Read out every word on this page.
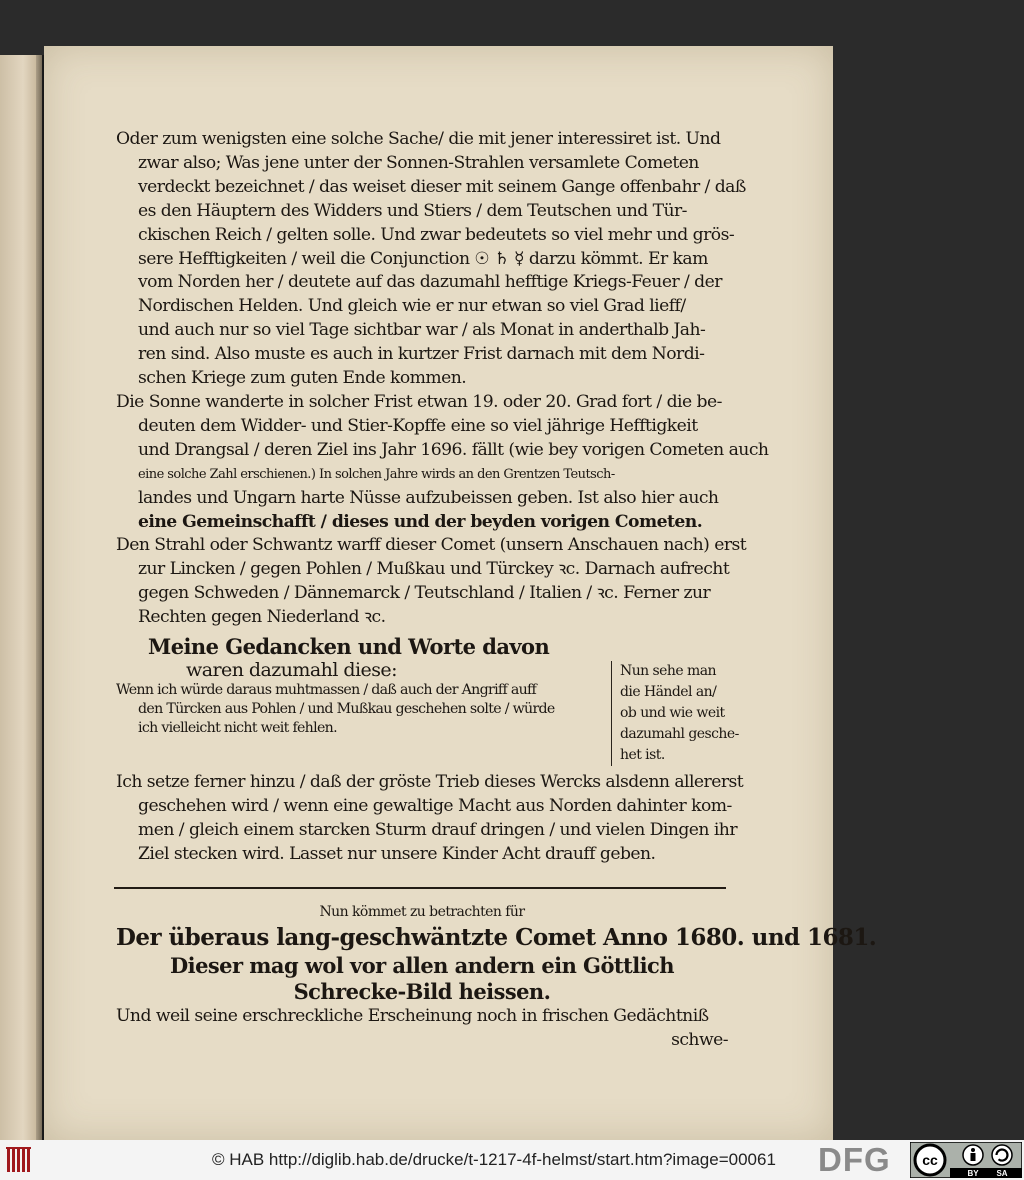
Oder zum wenigsten eine solche Sache/ die mit jener interessiret ist. Und
zwar also; Was jene unter der Sonnen-Strahlen versamlete Cometen
verdeckt bezeichnet / das weiset dieser mit seinem Gange offenbahr / daß
es den Häuptern des Widders und Stiers / dem Teutschen und Tür-
ckischen Reich / gelten solle. Und zwar bedeutets so viel mehr und grös-
sere Hefftigkeiten / weil die Conjunction ☉ ♄ ☿ darzu kömmt. Er kam
vom Norden her / deutete auf das dazumahl hefftige Kriegs-Feuer / der
Nordischen Helden. Und gleich wie er nur etwan so viel Grad lieff/
und auch nur so viel Tage sichtbar war / als Monat in anderthalb Jah-
ren sind. Also muste es auch in kurtzer Frist darnach mit dem Nordi-
schen Kriege zum guten Ende kommen.
Die Sonne wanderte in solcher Frist etwan 19. oder 20. Grad fort / die be-
deuten dem Widder- und Stier-Kopffe eine so viel jährige Hefftigkeit
und Drangsal / deren Ziel ins Jahr 1696. fällt (wie bey vorigen Cometen auch
eine solche Zahl erschienen.) In solchen Jahre wirds an den Grentzen Teutsch-
landes und Ungarn harte Nüsse aufzubeissen geben. Ist also hier auch
eine Gemeinschafft / dieses und der beyden vorigen Cometen.
Den Strahl oder Schwantz warff dieser Comet (unsern Anschauen nach) erst
zur Lincken / gegen Pohlen / Mußkau und Türckey ꝛc. Darnach aufrecht
gegen Schweden / Dännemarck / Teutschland / Italien / ꝛc. Ferner zur
Rechten gegen Niederland ꝛc.
Meine Gedancken und Worte davon
waren dazumahl diese:
Wenn ich würde daraus muhtmassen / daß auch der Angriff auff
den Türcken aus Pohlen / und Mußkau geschehen solte / würde
ich vielleicht nicht weit fehlen.
Nun sehe man
die Händel an/
ob und wie weit
dazumahl gesche-
het ist.
Ich setze ferner hinzu / daß der gröste Trieb dieses Wercks alsdenn allererst
geschehen wird / wenn eine gewaltige Macht aus Norden dahinter kom-
men / gleich einem starcken Sturm drauf dringen / und vielen Dingen ihr
Ziel stecken wird. Lasset nur unsere Kinder Acht drauff geben.
Nun kömmet zu betrachten für
Der überaus lang-geschwäntzte Comet Anno 1680. und 1681.
Dieser mag wol vor allen andern ein Göttlich
Schrecke-Bild heissen.
Und weil seine erschreckliche Erscheinung noch in frischen Gedächtniß
schwe-
© HAB http://diglib.hab.de/drucke/t-1217-4f-helmst/start.htm?image=00061 DFG cc
BY SA
